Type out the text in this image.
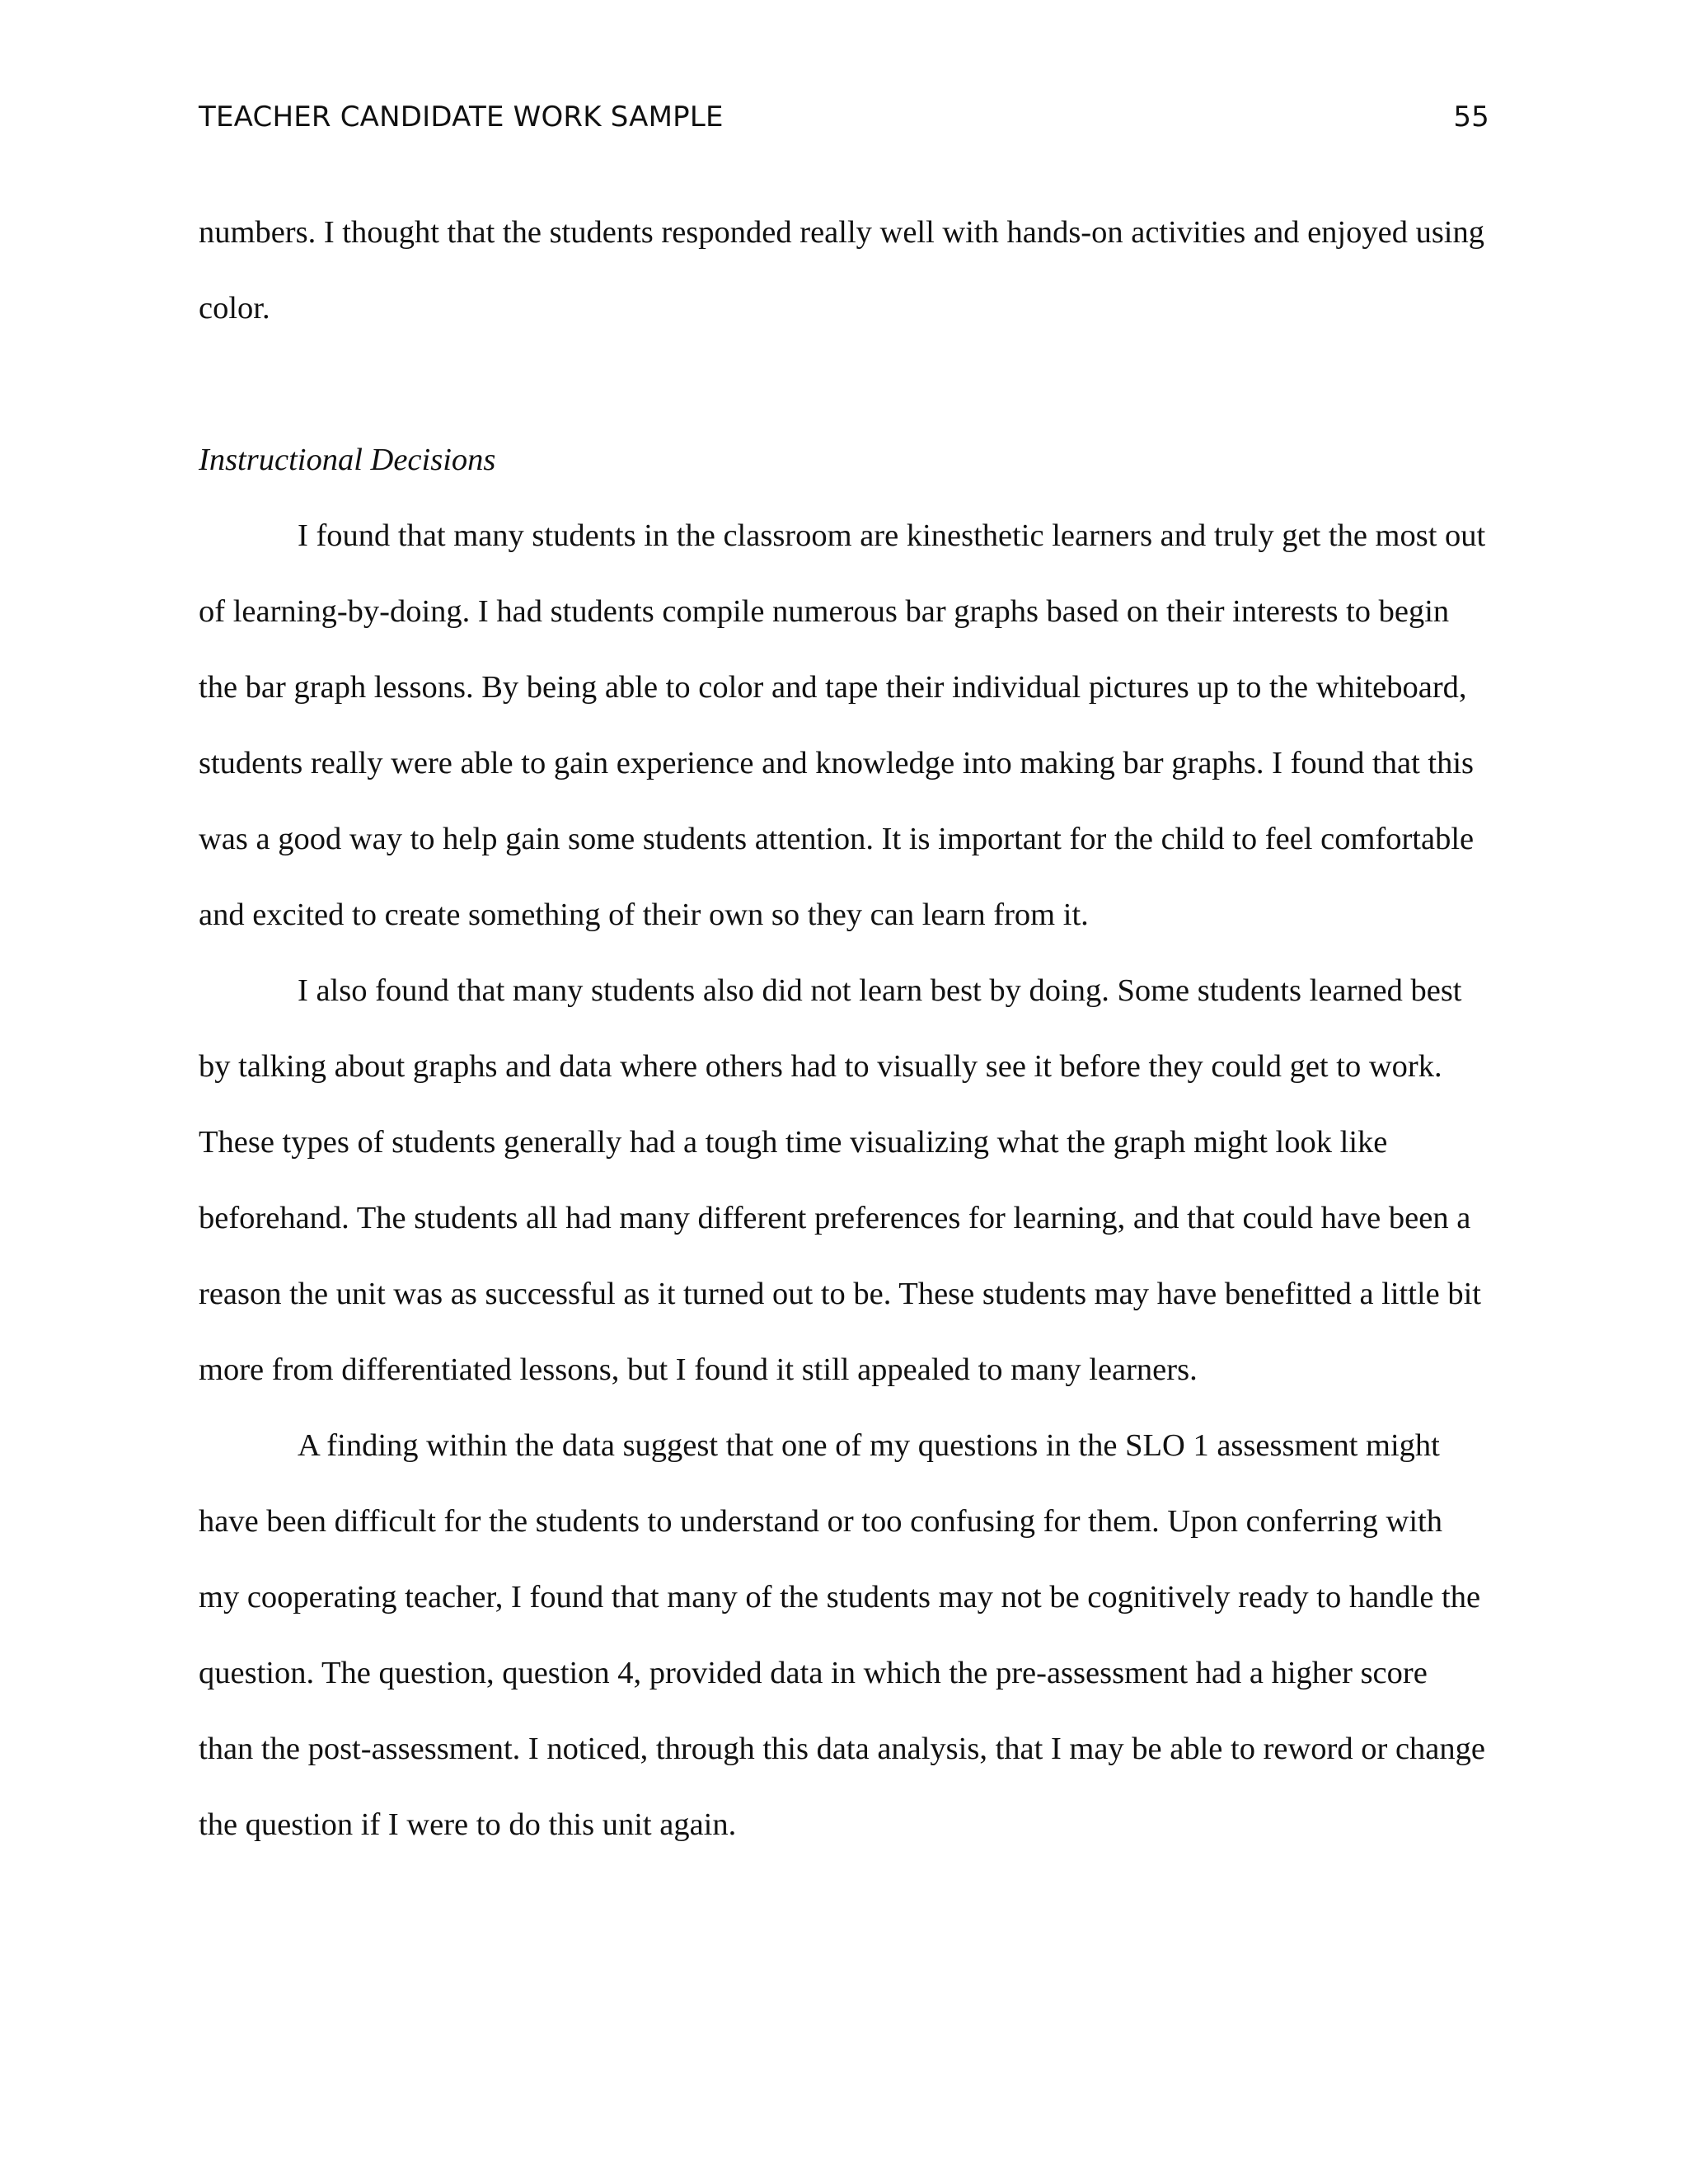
TEACHER CANDIDATE WORK SAMPLE	55

numbers. I thought that the students responded really well with hands-on activities and enjoyed using color.

Instructional Decisions

I found that many students in the classroom are kinesthetic learners and truly get the most out of learning-by-doing. I had students compile numerous bar graphs based on their interests to begin the bar graph lessons. By being able to color and tape their individual pictures up to the whiteboard, students really were able to gain experience and knowledge into making bar graphs. I found that this was a good way to help gain some students attention. It is important for the child to feel comfortable and excited to create something of their own so they can learn from it.

I also found that many students also did not learn best by doing. Some students learned best by talking about graphs and data where others had to visually see it before they could get to work. These types of students generally had a tough time visualizing what the graph might look like beforehand. The students all had many different preferences for learning, and that could have been a reason the unit was as successful as it turned out to be. These students may have benefitted a little bit more from differentiated lessons, but I found it still appealed to many learners.

A finding within the data suggest that one of my questions in the SLO 1 assessment might have been difficult for the students to understand or too confusing for them. Upon conferring with my cooperating teacher, I found that many of the students may not be cognitively ready to handle the question. The question, question 4, provided data in which the pre-assessment had a higher score than the post-assessment. I noticed, through this data analysis, that I may be able to reword or change the question if I were to do this unit again.
